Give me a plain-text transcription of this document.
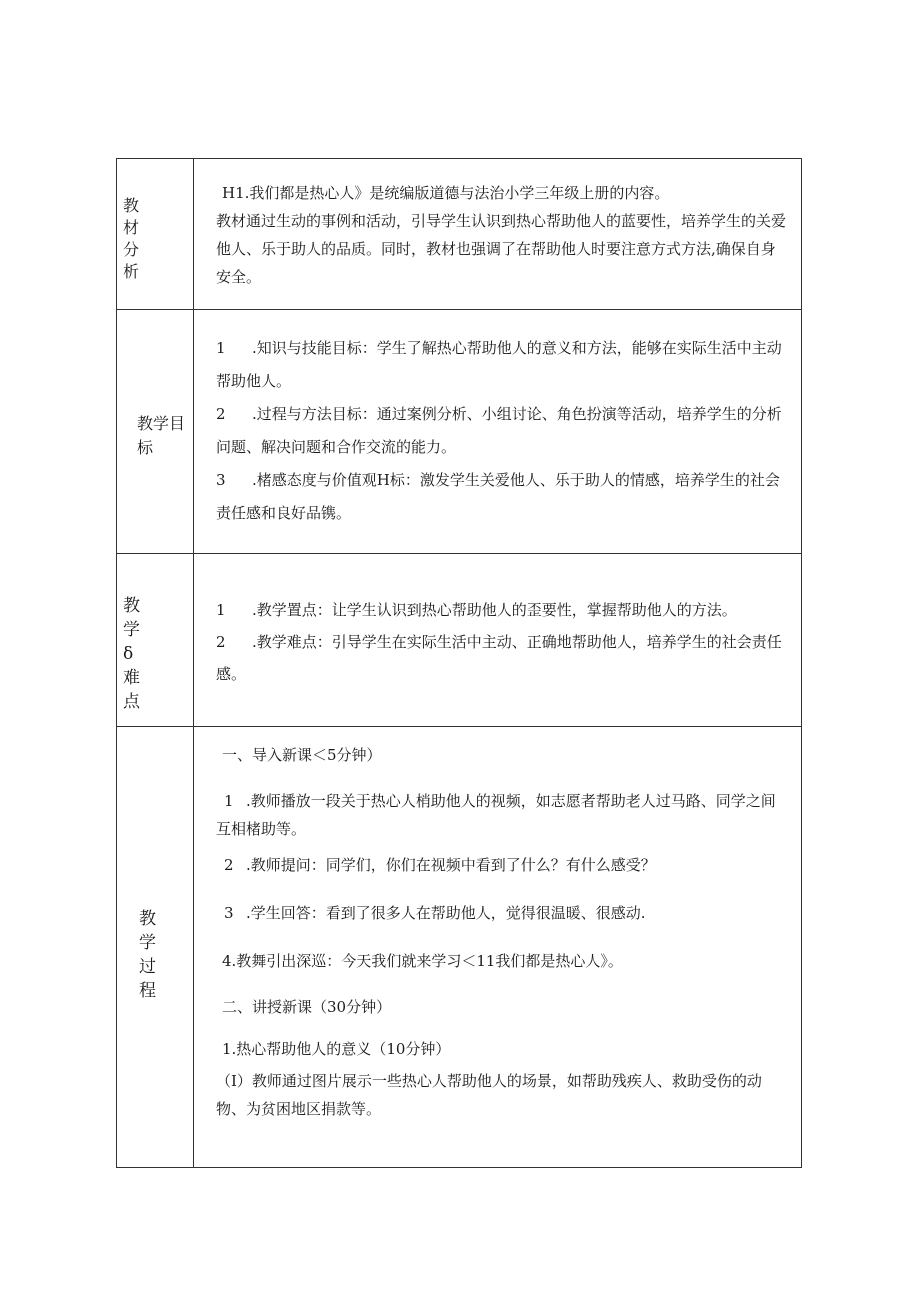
教材分析

H1.我们都是热心人》是统编版道德与法治小学三年级上册的内容。

教材通过生动的事例和活动，引导学生认识到热心帮助他人的蓝要性，培养学生的关爱他人、乐于助人的品质。同时，教材也强调了在帮助他人时要注意方式方法,确保自身安全。

教学目标

1 .知识与技能目标：学生了解热心帮助他人的意义和方法，能够在实际生活中主动帮助他人。

2 .过程与方法目标：通过案例分析、小组讨论、角色扮演等活动，培养学生的分析问题、解决问题和合作交流的能力。

3 .楮感态度与价值观H标：激发学生关爱他人、乐于助人的情感，培养学生的社会责任感和良好品镌。

教学δ难点

1 .教学置点：让学生认识到热心帮助他人的歪要性，掌握帮助他人的方法。

2 .教学难点：引导学生在实际生活中主动、正确地帮助他人，培养学生的社会责任感。

教学过程

一、导入新课＜5分钟）

1 .教师播放一段关于热心人梢助他人的视频，如志愿者帮助老人过马路、同学之间互相楮助等。

2 .教师提问：同学们，你们在视频中看到了什么？有什么感受？

3 .学生回答：看到了很多人在帮助他人，觉得很温暖、很感动.

4.教舞引出深巡：今天我们就来学习＜11我们都是热心人》。

二、讲授新课（30分钟）

1.热心帮助他人的意义（10分钟）

（I）教师通过图片展示一些热心人帮助他人的场景，如帮助残疾人、救助受伤的动物、为贫困地区捐款等。
